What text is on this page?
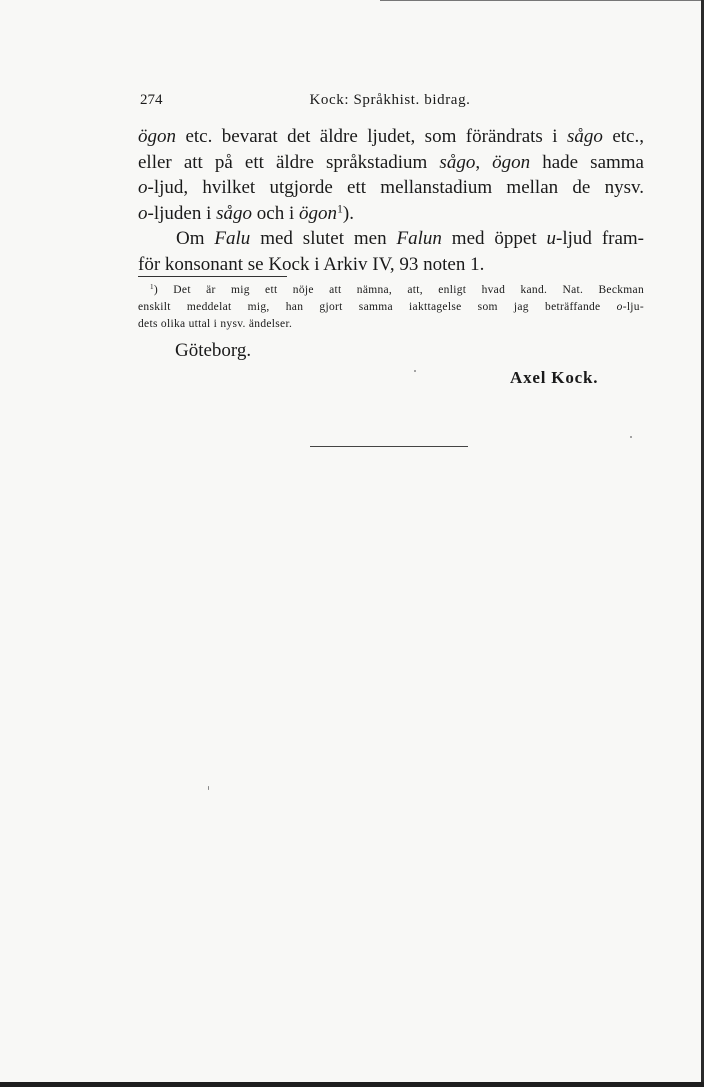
274	Kock: Språkhist. bidrag.
ögon etc. bevarat det äldre ljudet, som förändrats i sågo etc.,
eller att på ett äldre språkstadium sågo, ögon hade samma
o-ljud, hvilket utgjorde ett mellanstadium mellan de nysv.
o-ljuden i sågo och i ögon$^1$).
Om Falu med slutet men Falun med öppet u-ljud fram-
för konsonant se Kock i Arkiv IV, 93 noten 1.
$^1$) Det är mig ett nöje att nämna, att, enligt hvad kand. Nat. Beckman
enskilt meddelat mig, han gjort samma iakttagelse som jag beträffande o-lju-
dets olika uttal i nysv. ändelser.
Göteborg.
Axel Kock.
